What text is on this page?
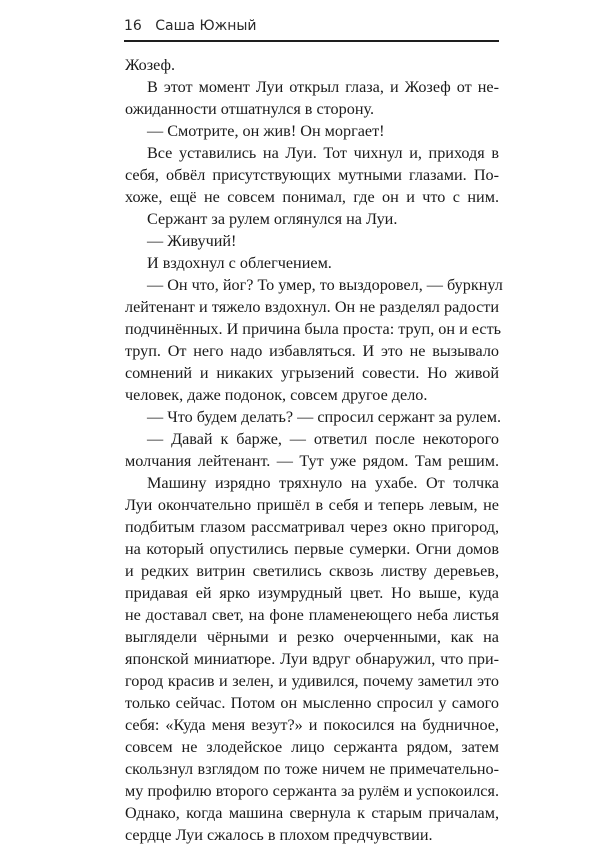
16 Саша Южный
Жозеф.
В этот момент Луи открыл глаза, и Жозеф от не-
ожиданности отшатнулся в сторону.
— Смотрите, он жив! Он моргает!
Все уставились на Луи. Тот чихнул и, приходя в
себя, обвёл присутствующих мутными глазами. По-
хоже, ещё не совсем понимал, где он и что с ним.
Сержант за рулем оглянулся на Луи.
— Живучий!
И вздохнул с облегчением.
— Он что, йог? То умер, то выздоровел, — буркнул
лейтенант и тяжело вздохнул. Он не разделял радости
подчинённых. И причина была проста: труп, он и есть
труп. От него надо избавляться. И это не вызывало
сомнений и никаких угрызений совести. Но живой
человек, даже подонок, совсем другое дело.
— Что будем делать? — спросил сержант за рулем.
— Давай к барже, — ответил после некоторого
молчания лейтенант. — Тут уже рядом. Там решим.
Машину изрядно тряхнуло на ухабе. От толчка
Луи окончательно пришёл в себя и теперь левым, не
подбитым глазом рассматривал через окно пригород,
на который опустились первые сумерки. Огни домов
и редких витрин светились сквозь листву деревьев,
придавая ей ярко изумрудный цвет. Но выше, куда
не доставал свет, на фоне пламенеющего неба листья
выглядели чёрными и резко очерченными, как на
японской миниатюре. Луи вдруг обнаружил, что при-
город красив и зелен, и удивился, почему заметил это
только сейчас. Потом он мысленно спросил у самого
себя: «Куда меня везут?» и покосился на будничное,
совсем не злодейское лицо сержанта рядом, затем
скользнул взглядом по тоже ничем не примечательно-
му профилю второго сержанта за рулём и успокоился.
Однако, когда машина свернула к старым причалам,
сердце Луи сжалось в плохом предчувствии.
